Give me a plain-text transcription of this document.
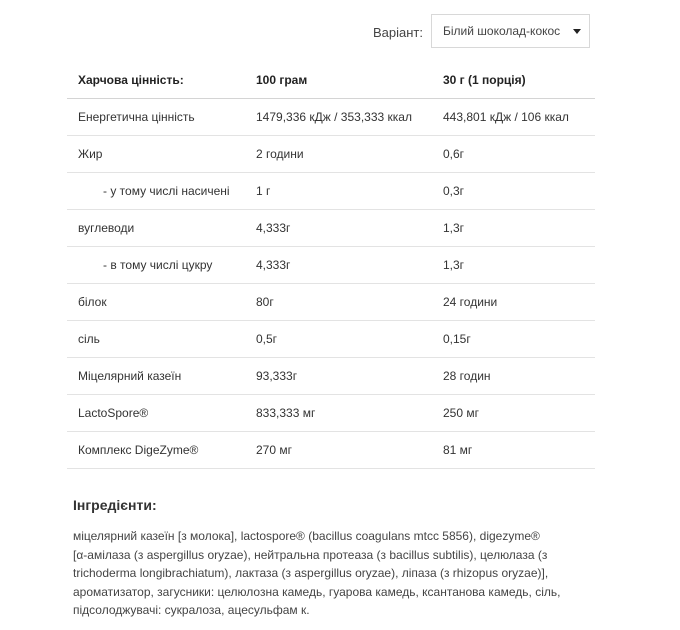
Варіант: Білий шоколад-кокос
Харчова цінність:	100 грам	30 г (1 порція)
Енергетична цінність	1479,336 кДж / 353,333 ккал	443,801 кДж / 106 ккал
Жир	2 години	0,6г
- у тому числі насичені	1 г	0,3г
вуглеводи	4,333г	1,3г
- в тому числі цукру	4,333г	1,3г
білок	80г	24 години
сіль	0,5г	0,15г
Міцелярний казеїн	93,333г	28 годин
LactoSpore®	833,333 мг	250 мг
Комплекс DigeZyme®	270 мг	81 мг
Інгредієнти:
міцелярний казеїн [з молока], lactospore® (bacillus coagulans mtcc 5856), digezyme®
[α-амілаза (з aspergillus oryzae), нейтральна протеаза (з bacillus subtilis), целюлаза (з
trichoderma longibrachiatum), лактаза (з aspergillus oryzae), ліпаза (з rhizopus oryzae)],
ароматизатор, загусники: целюлозна камедь, гуарова камедь, ксантанова камедь, сіль,
підсолоджувачі: сукралоза, ацесульфам к.
